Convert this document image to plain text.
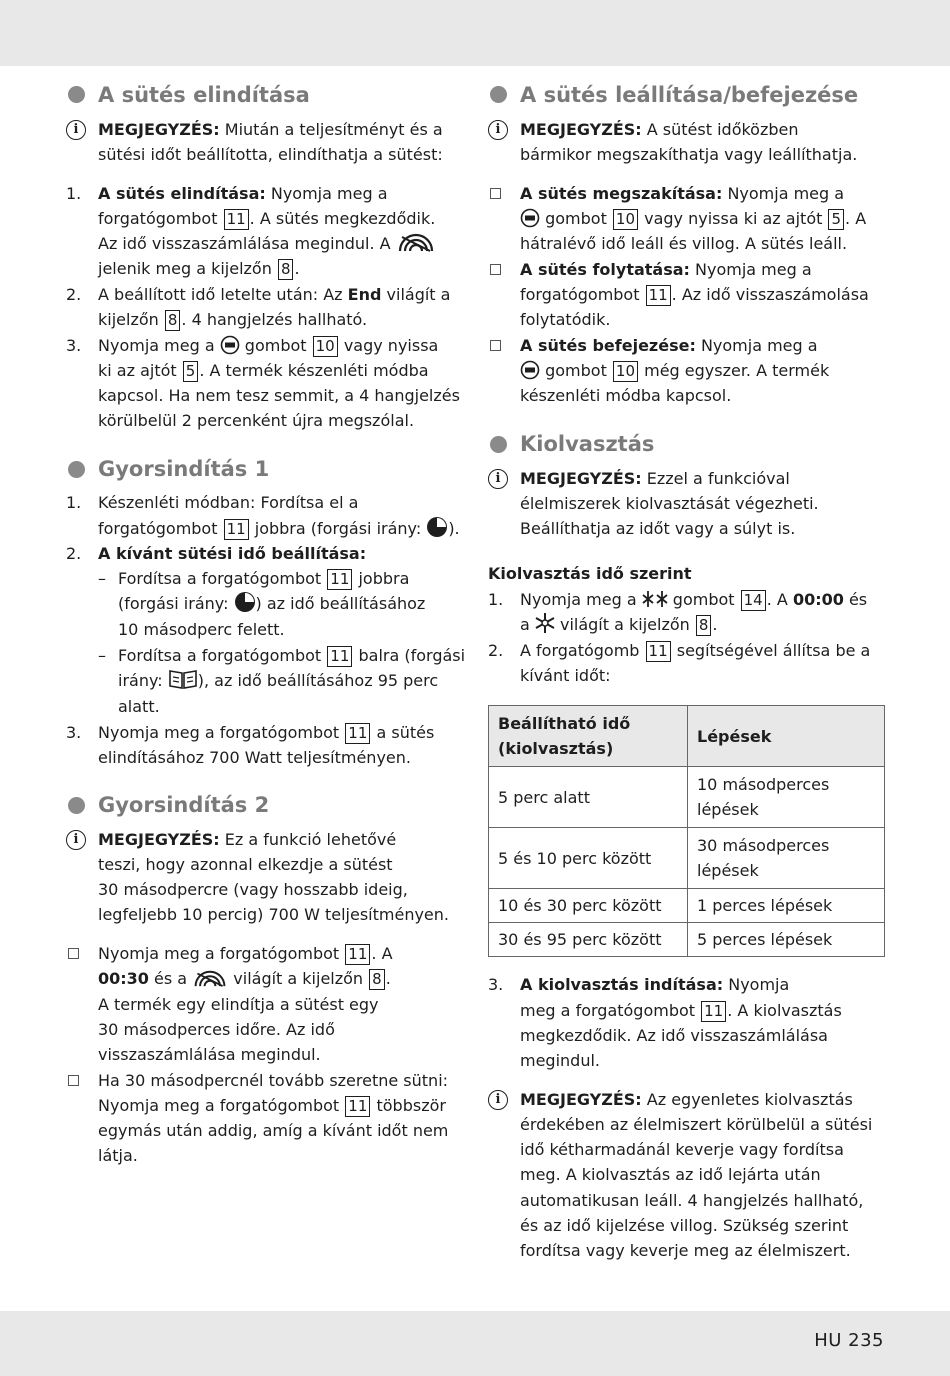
A sütés elindítása
i	MEGJEGYZÉS: Miután a teljesítményt és a
sütési időt beállította, elindíthatja a sütést:
1. A sütés elindítása: Nyomja meg a
forgatógombot 11 . A sütés megkezdődik.
Az idő visszaszámlálása megindul. A
jelenik meg a kijelzőn 8 .
2. A beállított idő letelte után: Az End világít a
kijelzőn 8 . 4 hangjelzés hallható.
3. Nyomja meg a  gombot 10 vagy nyissa
ki az ajtót 5 . A termék készenléti módba
kapcsol. Ha nem tesz semmit, a 4 hangjelzés
körülbelül 2 percenként újra megszólal.
Gyorsindítás 1
1. Készenléti módban: Fordítsa el a
forgatógombot 11 jobbra (forgási irány: ).
2. A kívánt sütési idő beállítása:
– Fordítsa a forgatógombot 11 jobbra
(forgási irány: ) az idő beállításához
10 másodperc felett.
– Fordítsa a forgatógombot 11 balra (forgási
irány: ), az idő beállításához 95 perc
alatt.
3. Nyomja meg a forgatógombot 11 a sütés
elindításához 700 Watt teljesítményen.
Gyorsindítás 2
i	MEGJEGYZÉS: Ez a funkció lehetővé
teszi, hogy azonnal elkezdje a sütést
30 másodpercre (vagy hosszabb ideig,
legfeljebb 10 percig) 700 W teljesítményen.
Nyomja meg a forgatógombot 11 . A
00:30 és a  világít a kijelzőn 8 .
A termék egy elindítja a sütést egy
30 másodperces időre. Az idő
visszaszámlálása megindul.
Ha 30 másodpercnél tovább szeretne sütni:
Nyomja meg a forgatógombot 11 többször
egymás után addig, amíg a kívánt időt nem
látja.
A sütés leállítása/befejezése
i	MEGJEGYZÉS: A sütést időközben
bármikor megszakíthatja vagy leállíthatja.
A sütés megszakítása: Nyomja meg a
gombot 10 vagy nyissa ki az ajtót 5 . A
hátralévő idő leáll és villog. A sütés leáll.
A sütés folytatása: Nyomja meg a
forgatógombot 11 . Az idő visszaszámolása
folytatódik.
A sütés befejezése: Nyomja meg a
gombot 10 még egyszer. A termék
készenléti módba kapcsol.
Kiolvasztás
i	MEGJEGYZÉS: Ezzel a funkcióval
élelmiszerek kiolvasztását végezheti.
Beállíthatja az időt vagy a súlyt is.
Kiolvasztás idő szerint
1. Nyomja meg a  gombot 14 . A 00:00 és
a  világít a kijelzőn 8 .
2. A forgatógomb 11 segítségével állítsa be a
kívánt időt:
Beállítható idő
(kiolvasztás)	Lépések
5 perc alatt	10 másodperces
lépések
5 és 10 perc között	30 másodperces
lépések
10 és 30 perc között	1 perces lépések
30 és 95 perc között	5 perces lépések
3. A kiolvasztás indítása: Nyomja
meg a forgatógombot 11 . A kiolvasztás
megkezdődik. Az idő visszaszámlálása
megindul.
i	MEGJEGYZÉS: Az egyenletes kiolvasztás
érdekében az élelmiszert körülbelül a sütési
idő kétharmadánál keverje vagy fordítsa
meg. A kiolvasztás az idő lejárta után
automatikusan leáll. 4 hangjelzés hallható,
és az idő kijelzése villog. Szükség szerint
fordítsa vagy keverje meg az élelmiszert.
HU 235
